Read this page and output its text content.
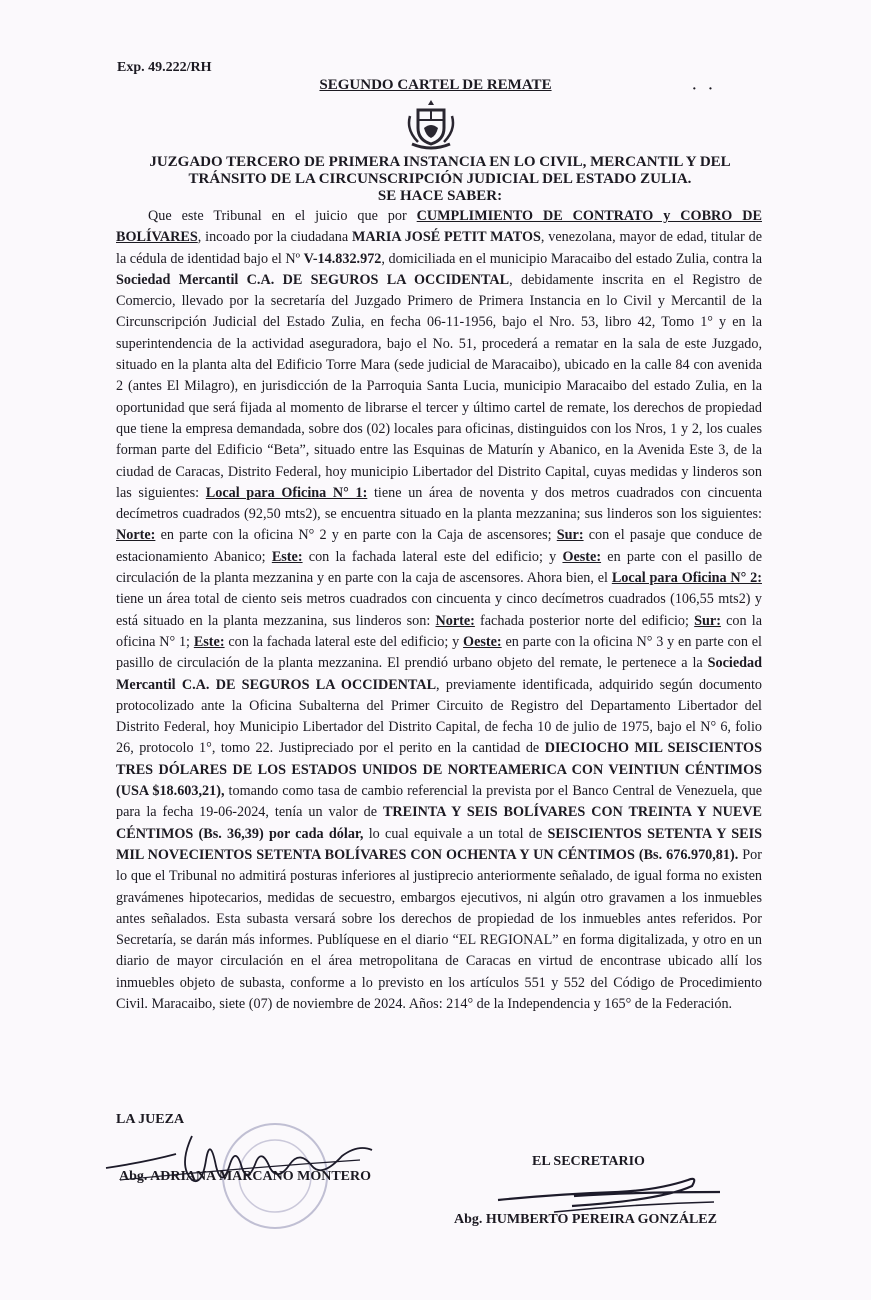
Exp. 49.222/RH
· ·
SEGUNDO CARTEL DE REMATE
JUZGADO TERCERO DE PRIMERA INSTANCIA EN LO CIVIL, MERCANTIL Y DEL
TRÁNSITO DE LA CIRCUNSCRIPCIÓN JUDICIAL DEL ESTADO ZULIA.
SE HACE SABER:
Que este Tribunal en el juicio que por CUMPLIMIENTO DE CONTRATO y COBRO DE BOLÍVARES, incoado por la ciudadana MARIA JOSÉ PETIT MATOS, venezolana, mayor de edad, titular de la cédula de identidad bajo el Nº V-14.832.972, domiciliada en el municipio Maracaibo del estado Zulia, contra la Sociedad Mercantil C.A. DE SEGUROS LA OCCIDENTAL, debidamente inscrita en el Registro de Comercio, llevado por la secretaría del Juzgado Primero de Primera Instancia en lo Civil y Mercantil de la Circunscripción Judicial del Estado Zulia, en fecha 06-11-1956, bajo el Nro. 53, libro 42, Tomo 1° y en la superintendencia de la actividad aseguradora, bajo el No. 51, procederá a rematar en la sala de este Juzgado, situado en la planta alta del Edificio Torre Mara (sede judicial de Maracaibo), ubicado en la calle 84 con avenida 2 (antes El Milagro), en jurisdicción de la Parroquia Santa Lucia, municipio Maracaibo del estado Zulia, en la oportunidad que será fijada al momento de librarse el tercer y último cartel de remate, los derechos de propiedad que tiene la empresa demandada, sobre dos (02) locales para oficinas, distinguidos con los Nros, 1 y 2, los cuales forman parte del Edificio “Beta”, situado entre las Esquinas de Maturín y Abanico, en la Avenida Este 3, de la ciudad de Caracas, Distrito Federal, hoy municipio Libertador del Distrito Capital, cuyas medidas y linderos son las siguientes: Local para Oficina N° 1: tiene un área de noventa y dos metros cuadrados con cincuenta decímetros cuadrados (92,50 mts2), se encuentra situado en la planta mezzanina; sus linderos son los siguientes: Norte: en parte con la oficina N° 2 y en parte con la Caja de ascensores; Sur: con el pasaje que conduce de estacionamiento Abanico; Este: con la fachada lateral este del edificio; y Oeste: en parte con el pasillo de circulación de la planta mezzanina y en parte con la caja de ascensores. Ahora bien, el Local para Oficina N° 2: tiene un área total de ciento seis metros cuadrados con cincuenta y cinco decímetros cuadrados (106,55 mts2) y está situado en la planta mezzanina, sus linderos son: Norte: fachada posterior norte del edificio; Sur: con la oficina N° 1; Este: con la fachada lateral este del edificio; y Oeste: en parte con la oficina N° 3 y en parte con el pasillo de circulación de la planta mezzanina. El prendió urbano objeto del remate, le pertenece a la Sociedad Mercantil C.A. DE SEGUROS LA OCCIDENTAL, previamente identificada, adquirido según documento protocolizado ante la Oficina Subalterna del Primer Circuito de Registro del Departamento Libertador del Distrito Federal, hoy Municipio Libertador del Distrito Capital, de fecha 10 de julio de 1975, bajo el N° 6, folio 26, protocolo 1°, tomo 22. Justipreciado por el perito en la cantidad de DIECIOCHO MIL SEISCIENTOS TRES DÓLARES DE LOS ESTADOS UNIDOS DE NORTEAMERICA CON VEINTIUN CÉNTIMOS (USA $18.603,21), tomando como tasa de cambio referencial la prevista por el Banco Central de Venezuela, que para la fecha 19-06-2024, tenía un valor de TREINTA Y SEIS BOLÍVARES CON TREINTA Y NUEVE CÉNTIMOS (Bs. 36,39) por cada dólar, lo cual equivale a un total de SEISCIENTOS SETENTA Y SEIS MIL NOVECIENTOS SETENTA BOLÍVARES CON OCHENTA Y UN CÉNTIMOS (Bs. 676.970,81). Por lo que el Tribunal no admitirá posturas inferiores al justiprecio anteriormente señalado, de igual forma no existen gravámenes hipotecarios, medidas de secuestro, embargos ejecutivos, ni algún otro gravamen a los inmuebles antes señalados. Esta subasta versará sobre los derechos de propiedad de los inmuebles antes referidos. Por Secretaría, se darán más informes. Publíquese en el diario “EL REGIONAL” en forma digitalizada, y otro en un diario de mayor circulación en el área metropolitana de Caracas en virtud de encontrase ubicado allí los inmuebles objeto de subasta, conforme a lo previsto en los artículos 551 y 552 del Código de Procedimiento Civil. Maracaibo, siete (07) de noviembre de 2024. Años: 214° de la Independencia y 165° de la Federación.
LA JUEZA
Abg. ADRIANA MARCANO MONTERO
EL SECRETARIO
Abg. HUMBERTO PEREIRA GONZÁLEZ
